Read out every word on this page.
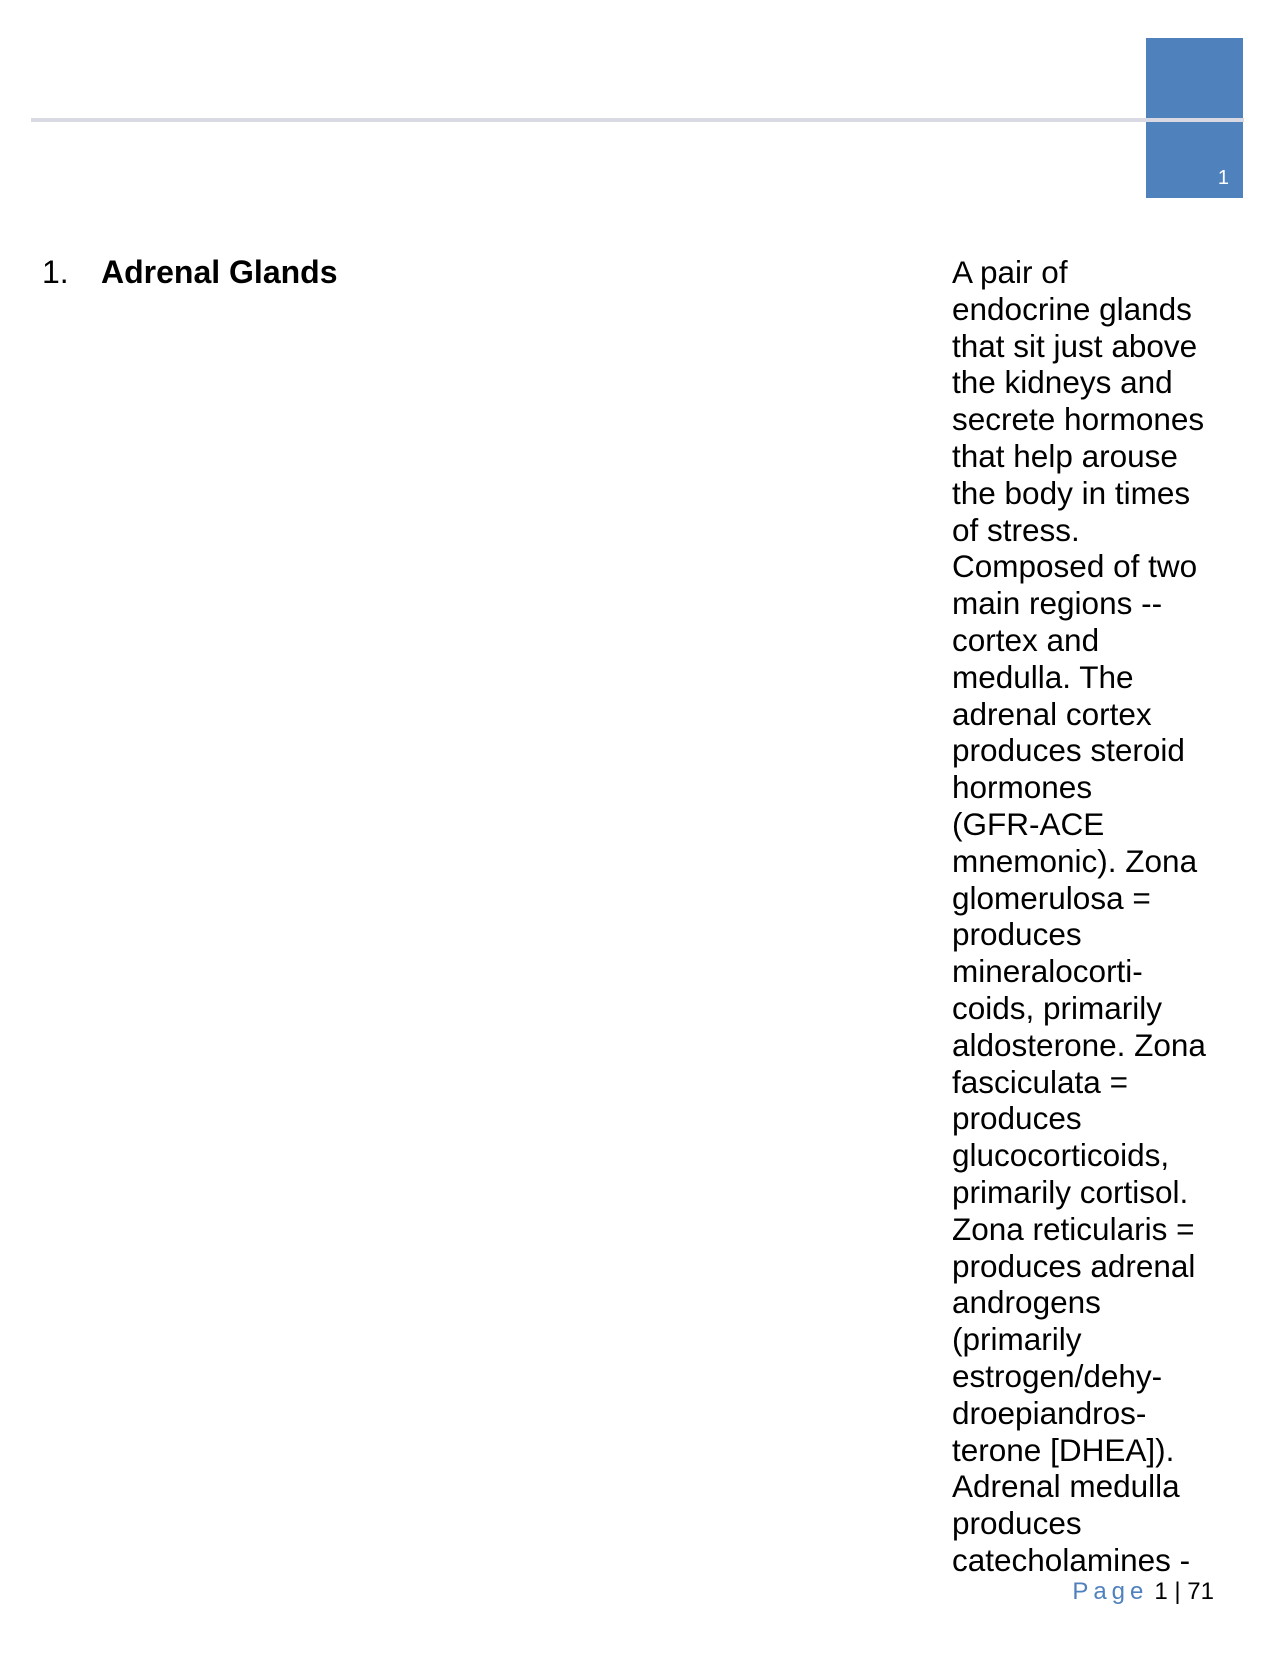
1
1. Adrenal Glands	A pair of
endocrine glands
that sit just above
the kidneys and
secrete hormones
that help arouse
the body in times
of stress.
Composed of two
main regions --
cortex and
medulla. The
adrenal cortex
produces steroid
hormones
(GFR-ACE
mnemonic). Zona
glomerulosa =
produces
mineralocorti-
coids, primarily
aldosterone. Zona
fasciculata =
produces
glucocorticoids,
primarily cortisol.
Zona reticularis =
produces adrenal
androgens
(primarily
estrogen/dehy-
droepiandros-
terone [DHEA]).
Adrenal medulla
produces
catecholamines -
Page 1 | 71
